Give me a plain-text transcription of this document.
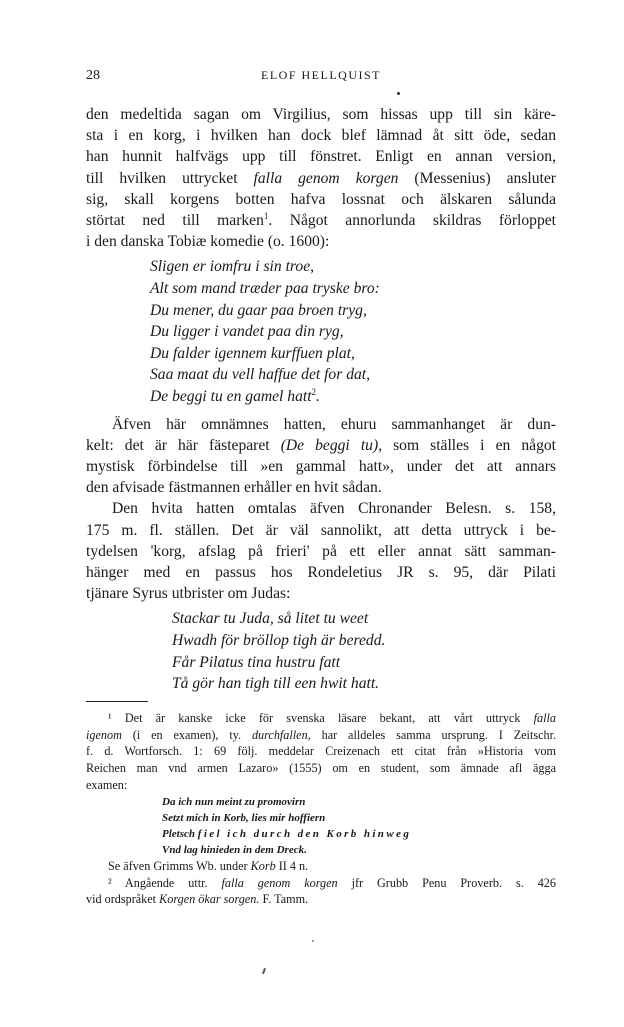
28	ELOF HELLQUIST

den medeltida sagan om Virgilius, som hissas upp till sin käre-

sta i en korg, i hvilken han dock blef lämnad åt sitt öde, sedan

han hunnit halfvägs upp till fönstret. Enligt en annan version,

till hvilken uttrycket falla genom korgen (Messenius) ansluter

sig, skall korgens botten hafva lossnat och älskaren sålunda

störtat ned till marken$^1$. Något annorlunda skildras förloppet

i den danska Tobiæ komedie (o. 1600):

Sligen er iomfru i sin troe,

Alt som mand træder paa tryske bro:

Du mener, du gaar paa broen tryg,

Du ligger i vandet paa din ryg,

Du falder igennem kurffuen plat,

Saa maat du vell haffue det for dat,

De beggi tu en gamel hatt$^2$.

Äfven här omnämnes hatten, ehuru sammanhanget är dun-

kelt: det är här fästeparet (De beggi tu), som ställes i en något

mystisk förbindelse till »en gammal hatt», under det att annars

den afvisade fästmannen erhåller en hvit sådan.

Den hvita hatten omtalas äfven Chronander Belesn. s. 158,

175 m. fl. ställen. Det är väl sannolikt, att detta uttryck i be-

tydelsen 'korg, afslag på frieri' på ett eller annat sätt samman-

hänger med en passus hos Rondeletius JR s. 95, där Pilati

tjänare Syrus utbrister om Judas:

Stackar tu Juda, så litet tu weet

Hwadh för bröllop tigh är beredd.

Får Pilatus tina hustru fatt

Tå gör han tigh till een hwit hatt.

¹ Det är kanske icke för svenska läsare bekant, att vårt uttryck falla

igenom (i en examen), ty. durchfallen, har alldeles samma ursprung. I Zeitschr.

f. d. Wortforsch. 1: 69 följ. meddelar Creizenach ett citat från »Historia vom

Reichen man vnd armen Lazaro» (1555) om en student, som ämnade afl ägga

examen:

Da ich nun meint zu promovirn

Setzt mich in Korb, lies mir hoffiern

Pletsch fiel ich durch den Korb hinweg

Vnd lag hinieden in dem Dreck.

Se äfven Grimms Wb. under Korb II 4 n.

² Angående uttr. falla genom korgen jfr Grubb Penu Proverb. s. 426

vid ordspråket Korgen ökar sorgen. F. Tamm.
